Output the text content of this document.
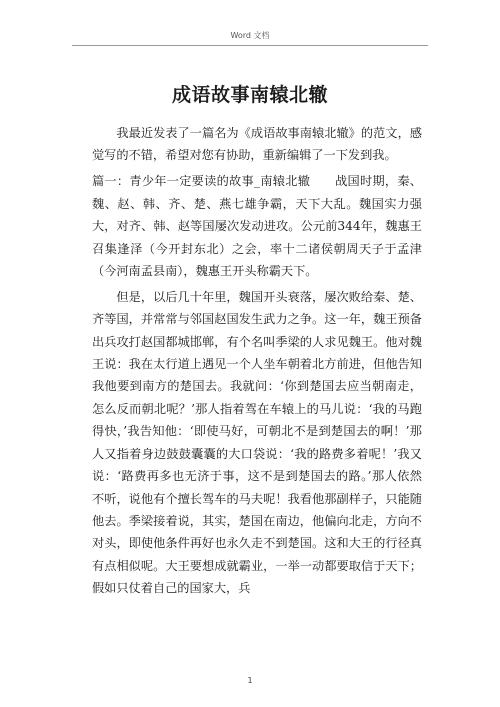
Word 文档
成语故事南辕北辙

我最近发表了一篇名为《成语故事南辕北辙》的范文，感觉写的不错，希望对您有协助，重新编辑了一下发到我。

篇一：青少年一定要读的故事_南辕北辙　　战国时期，秦、魏、赵、韩、齐、楚、燕七雄争霸，天下大乱。魏国实力强大，对齐、韩、赵等国屡次发动进攻。公元前344年，魏惠王召集逢泽（今开封东北）之会，率十二诸侯朝周天子于孟津（今河南孟县南），魏惠王开头称霸天下。

但是，以后几十年里，魏国开头衰落，屡次败给秦、楚、齐等国，并常常与邻国赵国发生武力之争。这一年，魏王预备出兵攻打赵国都城邯郸，有个名叫季梁的人求见魏王。他对魏王说：我在太行道上遇见一个人坐车朝着北方前进，但他告知我他要到南方的楚国去。我就问：‘你到楚国去应当朝南走，怎么反而朝北呢？’那人指着驾在车辕上的马儿说：‘我的马跑得快，’我告知他：‘即使马好，可朝北不是到楚国去的啊！’那人又指着身边鼓鼓囊囊的大口袋说：‘我的路费多着呢！’我又说：‘路费再多也无济于事，这不是到楚国去的路。’那人依然不听，说他有个擅长驾车的马夫呢！我看他那副样子，只能随他去。季梁接着说，其实，楚国在南边，他偏向北走，方向不对头，即使他条件再好也永久走不到楚国。这和大王的行径真有点相似呢。大王要想成就霸业，一举一动都要取信于天下；假如只仗着自己的国家大，兵

1
